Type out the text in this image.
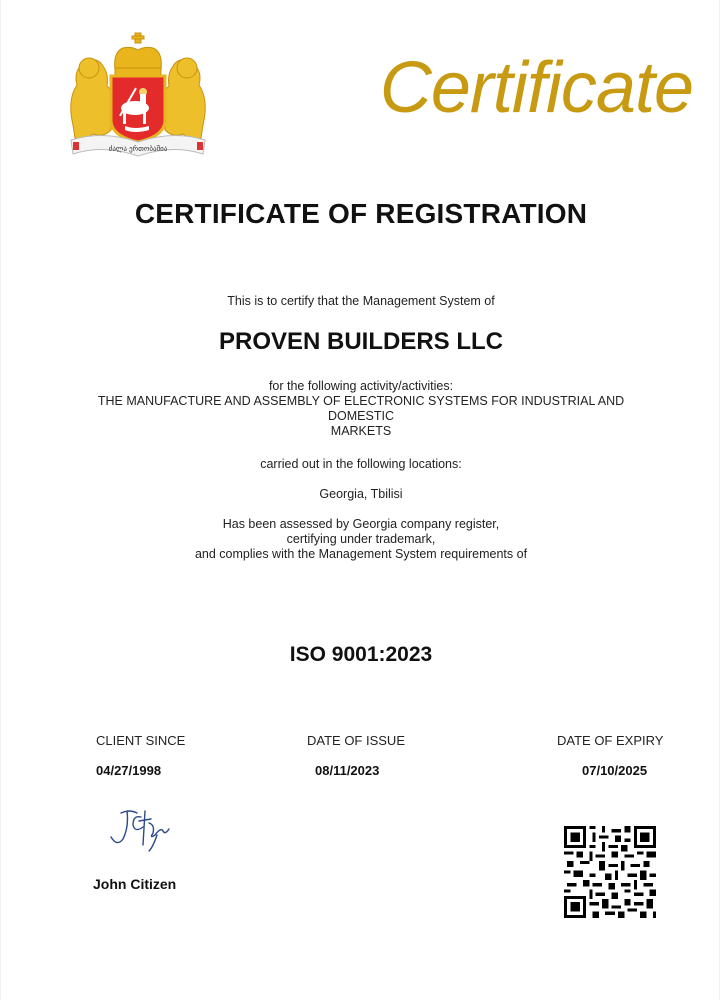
ძალა ერთობაშია
Certificate
CERTIFICATE OF REGISTRATION
This is to certify that the Management System of
PROVEN BUILDERS LLC
for the following activity/activities:
THE MANUFACTURE AND ASSEMBLY OF ELECTRONIC SYSTEMS FOR INDUSTRIAL AND
DOMESTIC
MARKETS
carried out in the following locations:
Georgia, Tbilisi
Has been assessed by Georgia company register,
certifying under trademark,
and complies with the Management System requirements of
ISO 9001:2023
CLIENT SINCE
04/27/1998
DATE OF ISSUE
08/11/2023
DATE OF EXPIRY
07/10/2025
John Citizen
